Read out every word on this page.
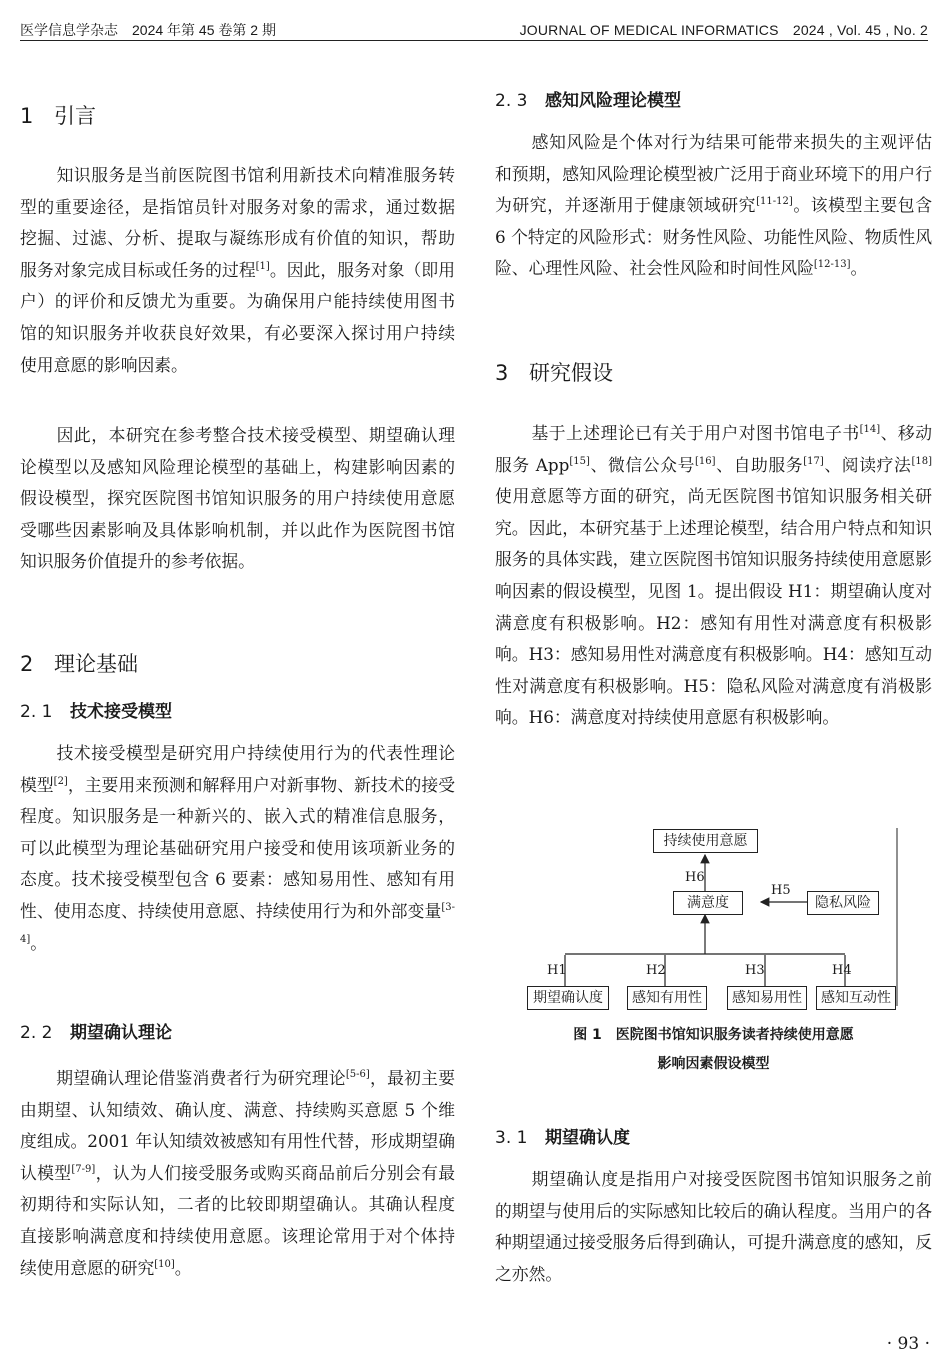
医学信息学杂志　2024 年第 45 卷第 2 期	JOURNAL OF MEDICAL INFORMATICS　2024 , Vol. 45 , No. 2
1 引言
知识服务是当前医院图书馆利用新技术向精准服务转型的重要途径，是指馆员针对服务对象的需求，通过数据挖掘、过滤、分析、提取与凝练形成有价值的知识，帮助服务对象完成目标或任务的过程[1]。因此，服务对象（即用户）的评价和反馈尤为重要。为确保用户能持续使用图书馆的知识服务并收获良好效果，有必要深入探讨用户持续使用意愿的影响因素。
因此，本研究在参考整合技术接受模型、期望确认理论模型以及感知风险理论模型的基础上，构建影响因素的假设模型，探究医院图书馆知识服务的用户持续使用意愿受哪些因素影响及具体影响机制，并以此作为医院图书馆知识服务价值提升的参考依据。
2 理论基础
2. 1 技术接受模型
技术接受模型是研究用户持续使用行为的代表性理论模型[2]，主要用来预测和解释用户对新事物、新技术的接受程度。知识服务是一种新兴的、嵌入式的精准信息服务，可以此模型为理论基础研究用户接受和使用该项新业务的态度。技术接受模型包含 6 要素：感知易用性、感知有用性、使用态度、持续使用意愿、持续使用行为和外部变量[3-4]。
2. 2 期望确认理论
期望确认理论借鉴消费者行为研究理论[5-6]，最初主要由期望、认知绩效、确认度、满意、持续购买意愿 5 个维度组成。2001 年认知绩效被感知有用性代替，形成期望确认模型[7-9]，认为人们接受服务或购买商品前后分别会有最初期待和实际认知，二者的比较即期望确认。其确认程度直接影响满意度和持续使用意愿。该理论常用于对个体持续使用意愿的研究[10]。
2. 3 感知风险理论模型
感知风险是个体对行为结果可能带来损失的主观评估和预期，感知风险理论模型被广泛用于商业环境下的用户行为研究，并逐渐用于健康领域研究[11-12]。该模型主要包含 6 个特定的风险形式：财务性风险、功能性风险、物质性风险、心理性风险、社会性风险和时间性风险[12-13]。
3 研究假设
基于上述理论已有关于用户对图书馆电子书[14]、移动服务 App[15]、微信公众号[16]、自助服务[17]、阅读疗法[18]使用意愿等方面的研究，尚无医院图书馆知识服务相关研究。因此，本研究基于上述理论模型，结合用户特点和知识服务的具体实践，建立医院图书馆知识服务持续使用意愿影响因素的假设模型，见图 1。提出假设 H1：期望确认度对满意度有积极影响。H2：感知有用性对满意度有积极影响。H3：感知易用性对满意度有积极影响。H4：感知互动性对满意度有积极影响。H5：隐私风险对满意度有消极影响。H6：满意度对持续使用意愿有积极影响。
3. 1 期望确认度
期望确认度是指用户对接受医院图书馆知识服务之前的期望与使用后的实际感知比较后的确认程度。当用户的各种期望通过接受服务后得到确认，可提升满意度的感知，反之亦然。
持续使用意愿
满意度	隐私风险
期望确认度	感知有用性	感知易用性	感知互动性
H6
H5
H1	H2	H3	H4
图 1　医院图书馆知识服务读者持续使用意愿
影响因素假设模型
· 93 ·
